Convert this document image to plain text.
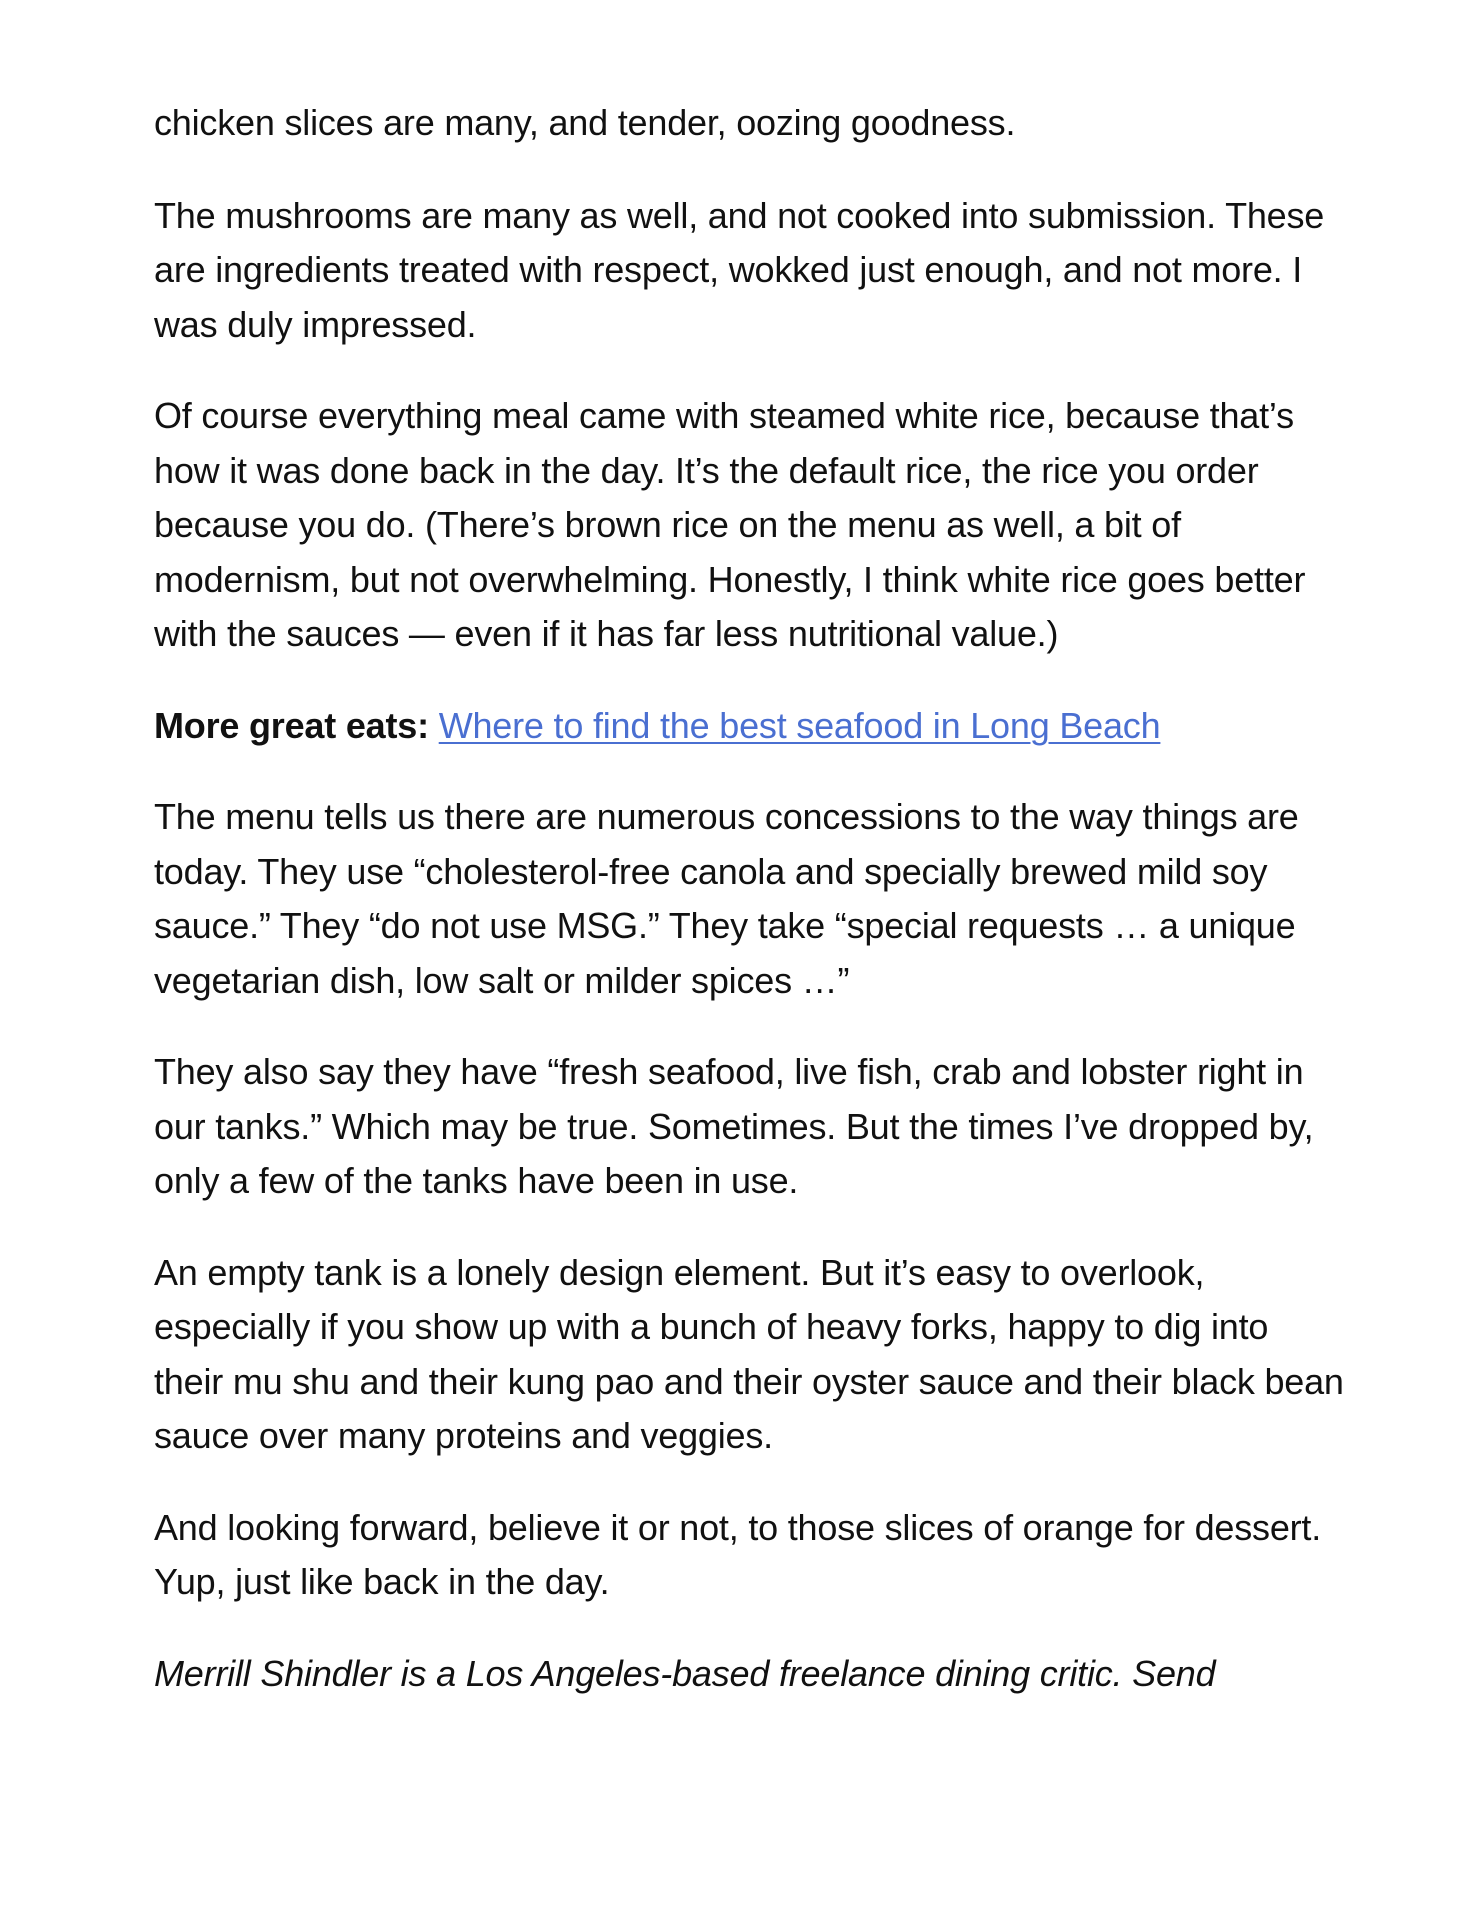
chicken slices are many, and tender, oozing goodness.

The mushrooms are many as well, and not cooked into submission. These are ingredients treated with respect, wokked just enough, and not more. I was duly impressed.

Of course everything meal came with steamed white rice, because that’s how it was done back in the day. It’s the default rice, the rice you order because you do. (There’s brown rice on the menu as well, a bit of modernism, but not overwhelming. Honestly, I think white rice goes better with the sauces — even if it has far less nutritional value.)

More great eats: Where to find the best seafood in Long Beach

The menu tells us there are numerous concessions to the way things are today. They use “cholesterol-free canola and specially brewed mild soy sauce.” They “do not use MSG.” They take “special requests … a unique vegetarian dish, low salt or milder spices …”

They also say they have “fresh seafood, live fish, crab and lobster right in our tanks.” Which may be true. Sometimes. But the times I’ve dropped by, only a few of the tanks have been in use.

An empty tank is a lonely design element. But it’s easy to overlook, especially if you show up with a bunch of heavy forks, happy to dig into their mu shu and their kung pao and their oyster sauce and their black bean sauce over many proteins and veggies.

And looking forward, believe it or not, to those slices of orange for dessert. Yup, just like back in the day.

Merrill Shindler is a Los Angeles-based freelance dining critic. Send
